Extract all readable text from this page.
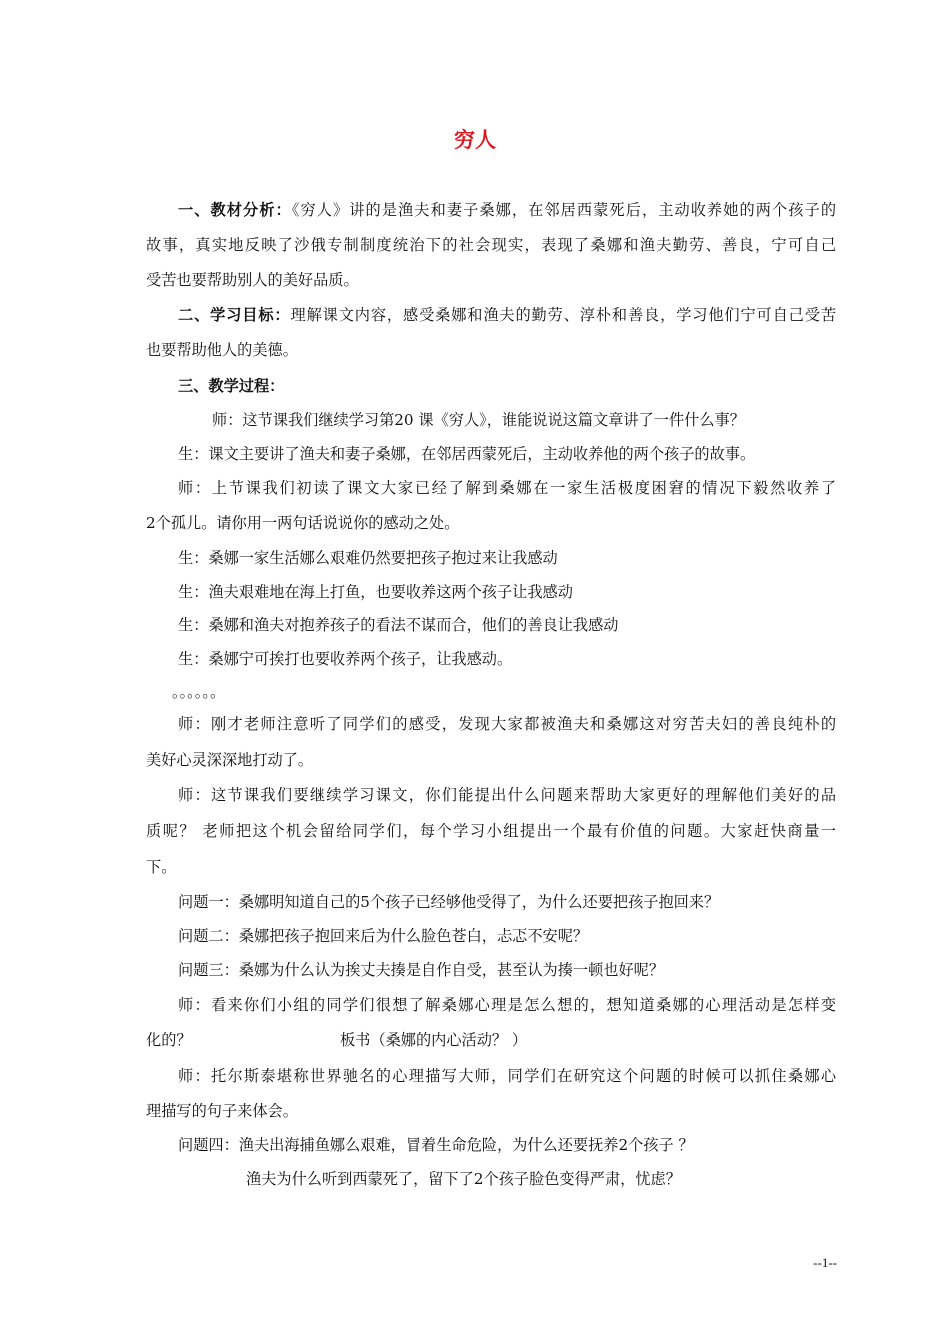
穷人
一、教材分析：《穷人》讲的是渔夫和妻子桑娜，在邻居西蒙死后，主动收养她的两个孩子的
故事，真实地反映了沙俄专制制度统治下的社会现实，表现了桑娜和渔夫勤劳、善良，宁可自己
受苦也要帮助别人的美好品质。
二、学习目标：理解课文内容，感受桑娜和渔夫的勤劳、淳朴和善良，学习他们宁可自己受苦
也要帮助他人的美德。
三、教学过程：
师：这节课我们继续学习第20 课《穷人》，谁能说说这篇文章讲了一件什么事？
生：课文主要讲了渔夫和妻子桑娜，在邻居西蒙死后，主动收养他的两个孩子的故事。
师：上节课我们初读了课文大家已经了解到桑娜在一家生活极度困窘的情况下毅然收养了
2个孤儿。请你用一两句话说说你的感动之处。
生：桑娜一家生活娜么艰难仍然要把孩子抱过来让我感动
生：渔夫艰难地在海上打鱼，也要收养这两个孩子让我感动
生：桑娜和渔夫对抱养孩子的看法不谋而合，他们的善良让我感动
生：桑娜宁可挨打也要收养两个孩子，让我感动。
。。。。。。
师：刚才老师注意听了同学们的感受，发现大家都被渔夫和桑娜这对穷苦夫妇的善良纯朴的
美好心灵深深地打动了。
师：这节课我们要继续学习课文，你们能提出什么问题来帮助大家更好的理解他们美好的品
质呢？ 老师把这个机会留给同学们，每个学习小组提出一个最有价值的问题。大家赶快商量一
下。
问题一：桑娜明知道自己的5个孩子已经够他受得了，为什么还要把孩子抱回来？
问题二：桑娜把孩子抱回来后为什么脸色苍白，忐忑不安呢？
问题三：桑娜为什么认为挨丈夫揍是自作自受，甚至认为揍一顿也好呢？
师：看来你们小组的同学们很想了解桑娜心理是怎么想的，想知道桑娜的心理活动是怎样变
化的？	板书（桑娜的内心活动？ ）
师：托尔斯泰堪称世界驰名的心理描写大师，同学们在研究这个问题的时候可以抓住桑娜心
理描写的句子来体会。
问题四：渔夫出海捕鱼娜么艰难，冒着生命危险，为什么还要抚养2个孩子 ？
渔夫为什么听到西蒙死了，留下了2个孩子脸色变得严肃，忧虑？
--1--
